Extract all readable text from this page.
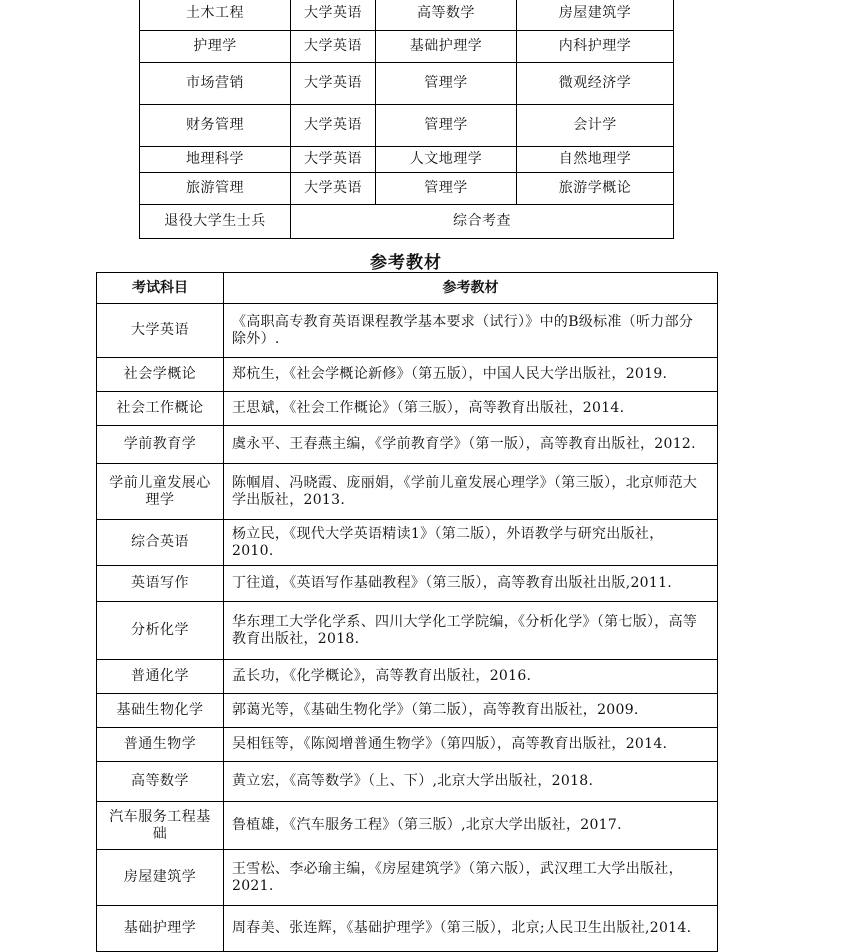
土木工程	大学英语	高等数学	房屋建筑学
护理学	大学英语	基础护理学	内科护理学
市场营销	大学英语	管理学	微观经济学
财务管理	大学英语	管理学	会计学
地理科学	大学英语	人文地理学	自然地理学
旅游管理	大学英语	管理学	旅游学概论
退役大学生士兵	综合考查		
参考教材
考试科目	参考教材
大学英语	《高职高专教育英语课程教学基本要求（试行）》中的B级标准（听力部分除外）.
社会学概论	郑杭生，《社会学概论新修》（第五版），中国人民大学出版社，2019.
社会工作概论	王思斌，《社会工作概论》（第三版），高等教育出版社，2014.
学前教育学	虞永平、王春燕主编，《学前教育学》（第一版），高等教育出版社，2012.
学前儿童发展心理学	陈帼眉、冯晓霞、庞丽娟，《学前儿童发展心理学》（第三版），北京师范大学出版社，2013.
综合英语	杨立民，《现代大学英语精读1》（第二版），外语教学与研究出版社，2010.
英语写作	丁往道，《英语写作基础教程》（第三版），高等教育出版社出版,2011.
分析化学	华东理工大学化学系、四川大学化工学院编，《分析化学》（第七版），高等教育出版社，2018.
普通化学	孟长功，《化学概论》，高等教育出版社，2016.
基础生物化学	郭蔼光等，《基础生物化学》（第二版），高等教育出版社，2009.
普通生物学	吴相钰等，《陈阅增普通生物学》（第四版），高等教育出版社，2014.
高等数学	黄立宏，《高等数学》（上、下）,北京大学出版社，2018.
汽车服务工程基础	鲁植雄，《汽车服务工程》（第三版）,北京大学出版社，2017.
房屋建筑学	王雪松、李必瑜主编，《房屋建筑学》（第六版），武汉理工大学出版社，2021.
基础护理学	周春美、张连辉，《基础护理学》（第三版），北京;人民卫生出版社,2014.
